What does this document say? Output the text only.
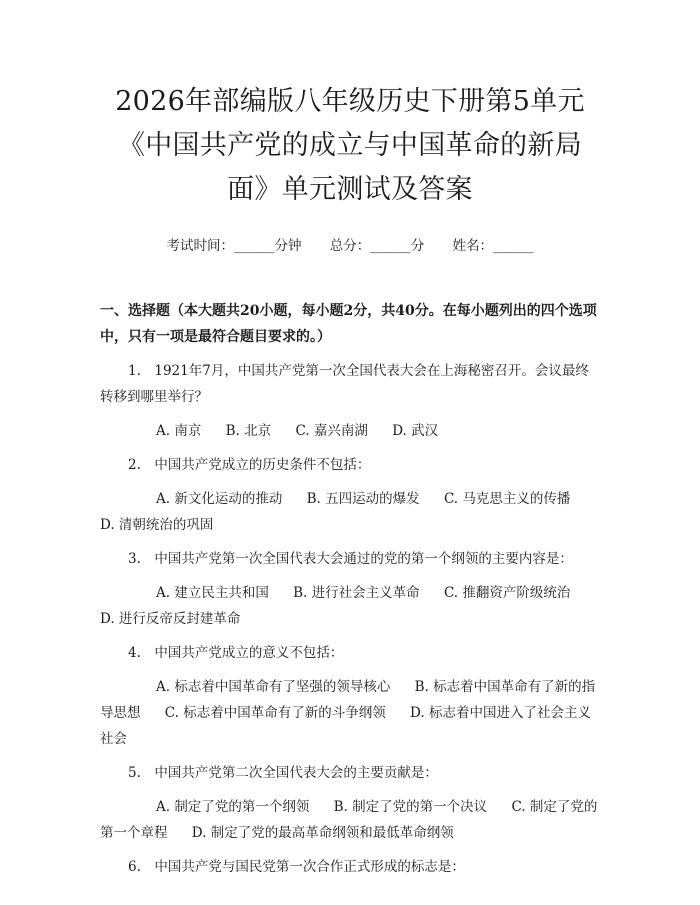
2026年部编版八年级历史下册第5单元《中国共产党的成立与中国革命的新局面》单元测试及答案
考试时间：______分钟 总分：______分 姓名：______
一、选择题（本大题共20小题，每小题2分，共40分。在每小题列出的四个选项中，只有一项是最符合题目要求的。）
1.　1921年7月，中国共产党第一次全国代表大会在上海秘密召开。会议最终转移到哪里举行？
A. 南京 B. 北京 C. 嘉兴南湖 D. 武汉
2.　中国共产党成立的历史条件不包括：
A. 新文化运动的推动 B. 五四运动的爆发 C. 马克思主义的传播 D. 清朝统治的巩固
3.　中国共产党第一次全国代表大会通过的党的第一个纲领的主要内容是：
A. 建立民主共和国 B. 进行社会主义革命 C. 推翻资产阶级统治 D. 进行反帝反封建革命
4.　中国共产党成立的意义不包括：
A. 标志着中国革命有了坚强的领导核心 B. 标志着中国革命有了新的指导思想 C. 标志着中国革命有了新的斗争纲领 D. 标志着中国进入了社会主义社会
5.　中国共产党第二次全国代表大会的主要贡献是：
A. 制定了党的第一个纲领 B. 制定了党的第一个决议 C. 制定了党的第一个章程 D. 制定了党的最高革命纲领和最低革命纲领
6.　中国共产党与国民党第一次合作正式形成的标志是：
